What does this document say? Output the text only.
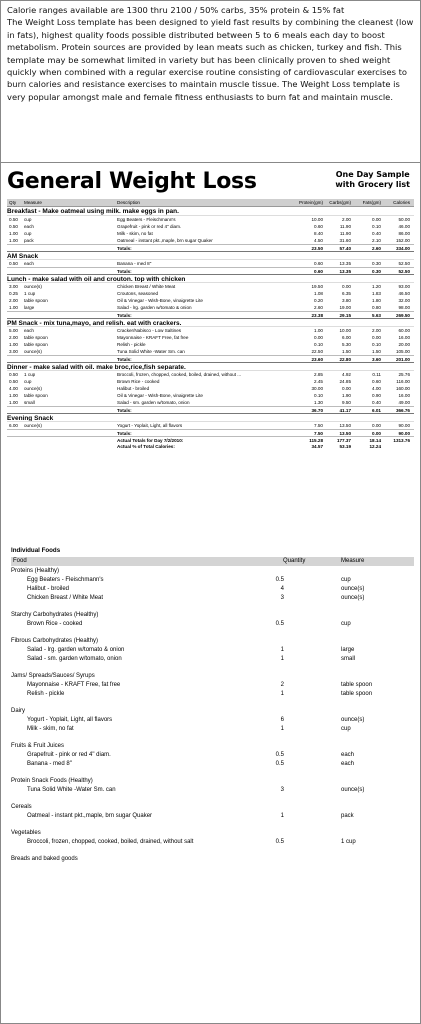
Calorie ranges available are 1300 thru 2100 / 50% carbs, 35% protein & 15% fat

The Weight Loss template has been designed to yield fast results by combining the cleanest (low in fats), highest quality foods possible distributed between 5 to 6 meals each day to boost metabolism. Protein sources are provided by lean meats such as chicken, turkey and fish. This template may be somewhat limited in variety but has been clinically proven to shed weight quickly when combined with a regular exercise routine consisting of cardiovascular exercises to burn calories and resistance exercises to maintain muscle tissue. The Weight Loss template is very popular amongst male and female fitness enthusiasts to burn fat and maintain muscle.

General Weight Loss	One Day Sample
with Grocery list
Qty Measure	Description	Protein(gm) Carbs(gm)	Fats(gm)	Calories
Breakfast - Make oatmeal using milk. make eggs in pan.
0.50 cup	Egg Beaters - Fleischmann's	10.00	2.00	0.00	50.00
0.50 each	Grapefruit - pink or red 4" diam.	0.60	11.90	0.10	46.00
1.00 cup	Milk - skim, no fat	8.40	11.90	0.40	86.00
1.00 pack	Oatmeal - instant pkt.,maple, brn sugar Quaker	4.50	31.60	2.10	152.00
Totals:	23.50	57.40	2.60	334.00
AM Snack
0.50 each	Banana - med 8"	0.60	13.35	0.30	52.50
Totals:	0.60	13.35	0.30	52.50
Lunch - make salad with oil and crouton. top with chicken
3.00 ounce(s)	Chicken Breast / White Meat	19.50	0.00	1.20	93.00
0.25 1 cup	Croutons, seasoned	1.08	6.35	1.83	46.50
2.00 table spoon	Oil & Vinegar - Wish-Bone, vinaigrette Lite	0.20	3.80	1.80	32.00
1.00 large	Salad - lrg. garden w/tomato & onion	2.60	19.00	0.80	98.00
Totals:	23.38	29.15	5.63	269.50
PM Snack - mix tuna,mayo, and relish. eat with crackers.
5.00 each	Cracker/Nabisco - Low Saltines	1.00	10.00	2.00	60.00
2.00 table spoon	Mayonnaise - KRAFT Free, fat free	0.00	6.00	0.00	16.00
1.00 table spoon	Relish - pickle	0.10	5.30	0.10	20.00
3.00 ounce(s)	Tuna Solid White -Water Sm. can	22.50	1.50	1.50	105.00
Totals:	23.60	22.80	3.60	201.00
Dinner - make salad with oil. make broc,rice,fish separate.
0.50 1 cup	Broccoli, frozen, chopped, cooked, boiled, drained, without ...	2.85	4.92	0.11	25.76
0.50 cup	Brown Rice - cooked	2.45	24.85	0.60	116.00
4.00 ounce(s)	Halibut - broiled	30.00	0.00	4.00	160.00
1.00 table spoon	Oil & Vinegar - Wish-Bone, vinaigrette Lite	0.10	1.90	0.90	16.00
1.00 small	Salad - sm. garden w/tomato, onion	1.30	9.50	0.40	49.00
Totals:	36.70	41.17	6.01	366.76
Evening Snack
6.00 ounce(s)	Yogurt - Yoplait, Light, all flavors	7.50	13.50	0.00	90.00
Totals:	7.50	13.50	0.00	90.00
Actual Totals for Day 7/2/2010:	115.28	177.37	18.14	1313.76
Actual % of Total Calories:	34.57	53.19	12.24
Individual Foods
Food	Quantity	Measure
Proteins (Healthy)
Egg Beaters - Fleischmann's	0.5	cup
Halibut - broiled	4	ounce(s)
Chicken Breast / White Meat	3	ounce(s)
Starchy Carbohydrates (Healthy)
Brown Rice - cooked	0.5	cup
Fibrous Carbohydrates (Healthy)
Salad - lrg. garden w/tomato & onion	1	large
Salad - sm. garden w/tomato, onion	1	small
Jams/ Spreads/Sauces/ Syrups
Mayonnaise - KRAFT Free, fat free	2	table spoon
Relish - pickle	1	table spoon
Dairy
Yogurt - Yoplait, Light, all flavors	6	ounce(s)
Milk - skim, no fat	1	cup
Fruits & Fruit Juices
Grapefruit - pink or red 4" diam.	0.5	each
Banana - med 8"	0.5	each
Protein Snack Foods (Healthy)
Tuna Solid White -Water Sm. can	3	ounce(s)
Cereals
Oatmeal - instant pkt.,maple, brn sugar Quaker	1	pack
Vegetables
Broccoli, frozen, chopped, cooked, boiled, drained, without salt	0.5	1 cup
Breads and baked goods
